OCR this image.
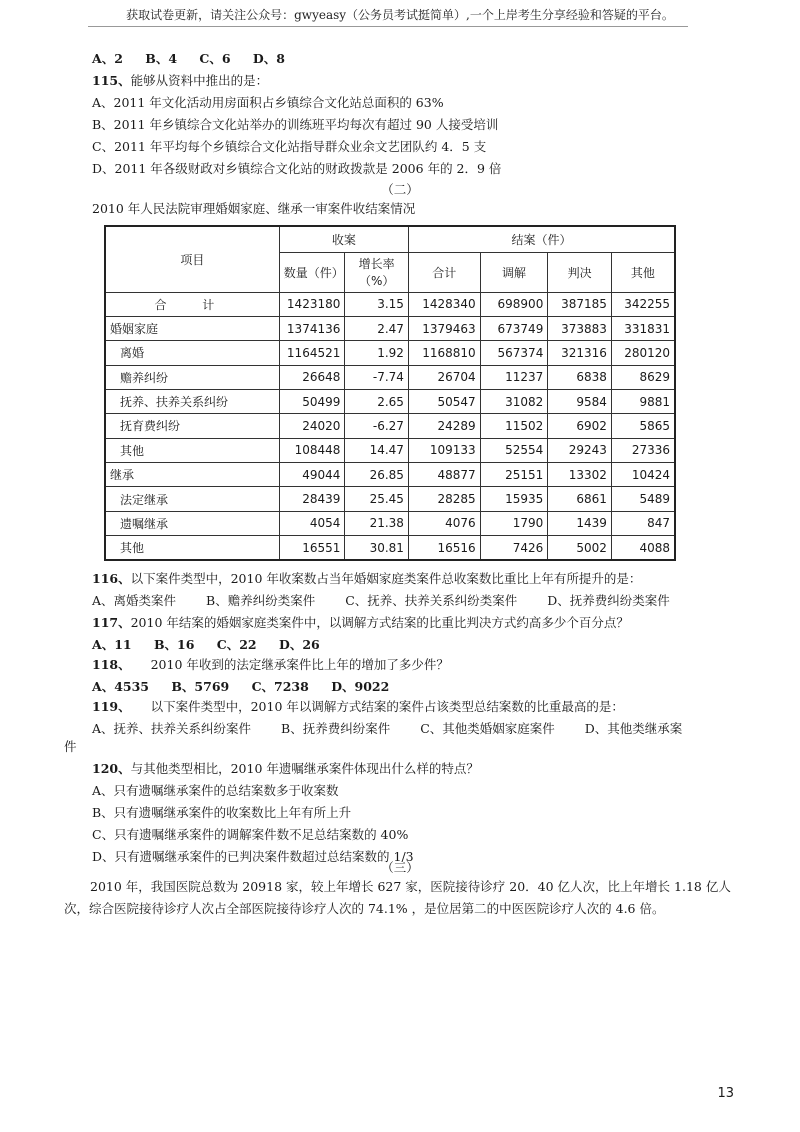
获取试卷更新，请关注公众号：gwyeasy（公务员考试挺简单）,一个上岸考生分享经验和答疑的平台。
A、2 B、4 C、6 D、8
115、能够从资料中推出的是：
A、2011 年文化活动用房面积占乡镇综合文化站总面积的 63%
B、2011 年乡镇综合文化站举办的训练班平均每次有超过 90 人接受培训
C、2011 年平均每个乡镇综合文化站指导群众业余文艺团队约 4．5 支
D、2011 年各级财政对乡镇综合文化站的财政拨款是 2006 年的 2．9 倍
（二）
2010 年人民法院审理婚姻家庭、继承一审案件收结案情况
项目	收案		结案（件）			
	数量（件）	增长率（%）	合计	调解	判决	其他
合 计	1423180	3.15	1428340	698900	387185	342255
婚姻家庭	1374136	2.47	1379463	673749	373883	331831
离婚	1164521	1.92	1168810	567374	321316	280120
赡养纠纷	26648	-7.74	26704	11237	6838	8629
抚养、扶养关系纠纷	50499	2.65	50547	31082	9584	9881
抚育费纠纷	24020	-6.27	24289	11502	6902	5865
其他	108448	14.47	109133	52554	29243	27336
继承	49044	26.85	48877	25151	13302	10424
法定继承	28439	25.45	28285	15935	6861	5489
遗嘱继承	4054	21.38	4076	1790	1439	847
其他	16551	30.81	16516	7426	5002	4088
116、以下案件类型中，2010 年收案数占当年婚姻家庭类案件总收案数比重比上年有所提升的是：
A、离婚类案件 B、赡养纠纷类案件 C、抚养、扶养关系纠纷类案件 D、抚养费纠纷类案件
117、2010 年结案的婚姻家庭类案件中，以调解方式结案的比重比判决方式约高多少个百分点？
A、11 B、16 C、22 D、26
118、 2010 年收到的法定继承案件比上年的增加了多少件？
A、4535 B、5769 C、7238 D、9022
119、 以下案件类型中，2010 年以调解方式结案的案件占该类型总结案数的比重最高的是：
A、抚养、扶养关系纠纷案件 B、抚养费纠纷案件 C、其他类婚姻家庭案件 D、其他类继承案
件
120、与其他类型相比，2010 年遗嘱继承案件体现出什么样的特点？
A、只有遗嘱继承案件的总结案数多于收案数
B、只有遗嘱继承案件的收案数比上年有所上升
C、只有遗嘱继承案件的调解案件数不足总结案数的 40%
D、只有遗嘱继承案件的已判决案件数超过总结案数的 1/3
（三）
2010 年，我国医院总数为 20918 家，较上年增长 627 家，医院接待诊疗 20．40 亿人次，比上年增长 1.18 亿人次，综合医院接待诊疗人次占全部医院接待诊疗人次的 74.1% ，是位居第二的中医医院诊疗人次的 4.6 倍。
13
